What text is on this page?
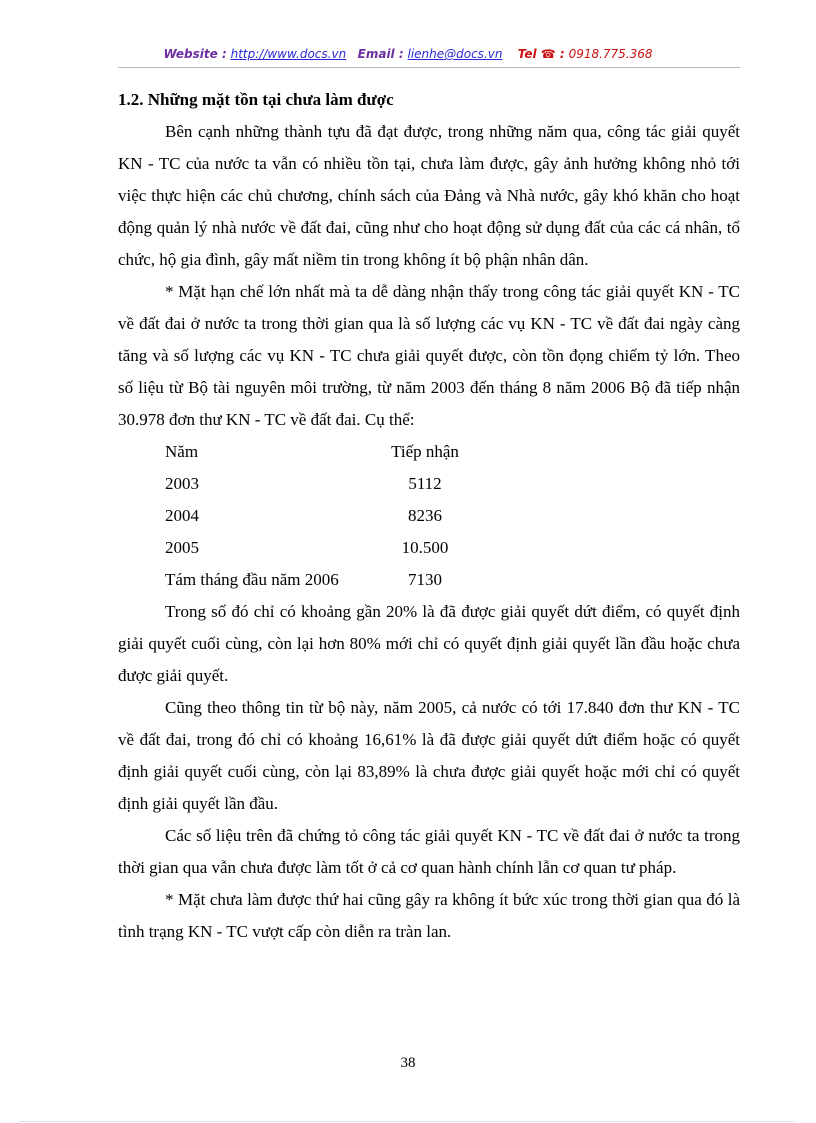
Website : http://www.docs.vn Email : lienhe@docs.vn Tel ☎ : 0918.775.368
1.2. Những mặt tồn tại chưa làm được

Bên cạnh những thành tựu đã đạt được, trong những năm qua, công tác giải quyết KN - TC của nước ta vẫn có nhiều tồn tại, chưa làm được, gây ảnh hưởng không nhỏ tới việc thực hiện các chủ chương, chính sách của Đảng và Nhà nước, gây khó khăn cho hoạt động quản lý nhà nước về đất đai, cũng như cho hoạt động sử dụng đất của các cá nhân, tổ chức, hộ gia đình, gây mất niềm tin trong không ít bộ phận nhân dân.

* Mặt hạn chế lớn nhất mà ta dễ dàng nhận thấy trong công tác giải quyết KN - TC về đất đai ở nước ta trong thời gian qua là số lượng các vụ KN - TC về đất đai ngày càng tăng và số lượng các vụ KN - TC chưa giải quyết được, còn tồn đọng chiếm tỷ lớn. Theo số liệu từ Bộ tài nguyên môi trường, từ năm 2003 đến tháng 8 năm 2006 Bộ đã tiếp nhận 30.978 đơn thư KN - TC về đất đai. Cụ thể:

Năm	Tiếp nhận
2003	5112
2004	8236
2005	10.500
Tám tháng đầu năm 2006	7130

Trong số đó chỉ có khoảng gần 20% là đã được giải quyết dứt điểm, có quyết định giải quyết cuối cùng, còn lại hơn 80% mới chỉ có quyết định giải quyết lần đầu hoặc chưa được giải quyết.

Cũng theo thông tin từ bộ này, năm 2005, cả nước có tới 17.840 đơn thư KN - TC về đất đai, trong đó chỉ có khoảng 16,61% là đã được giải quyết dứt điểm hoặc có quyết định giải quyết cuối cùng, còn lại 83,89% là chưa được giải quyết hoặc mới chỉ có quyết định giải quyết lần đầu.

Các số liệu trên đã chứng tỏ công tác giải quyết KN - TC về đất đai ở nước ta trong thời gian qua vẫn chưa được làm tốt ở cả cơ quan hành chính lẫn cơ quan tư pháp.

* Mặt chưa làm được thứ hai cũng gây ra không ít bức xúc trong thời gian qua đó là tình trạng KN - TC vượt cấp còn diễn ra tràn lan.

38
